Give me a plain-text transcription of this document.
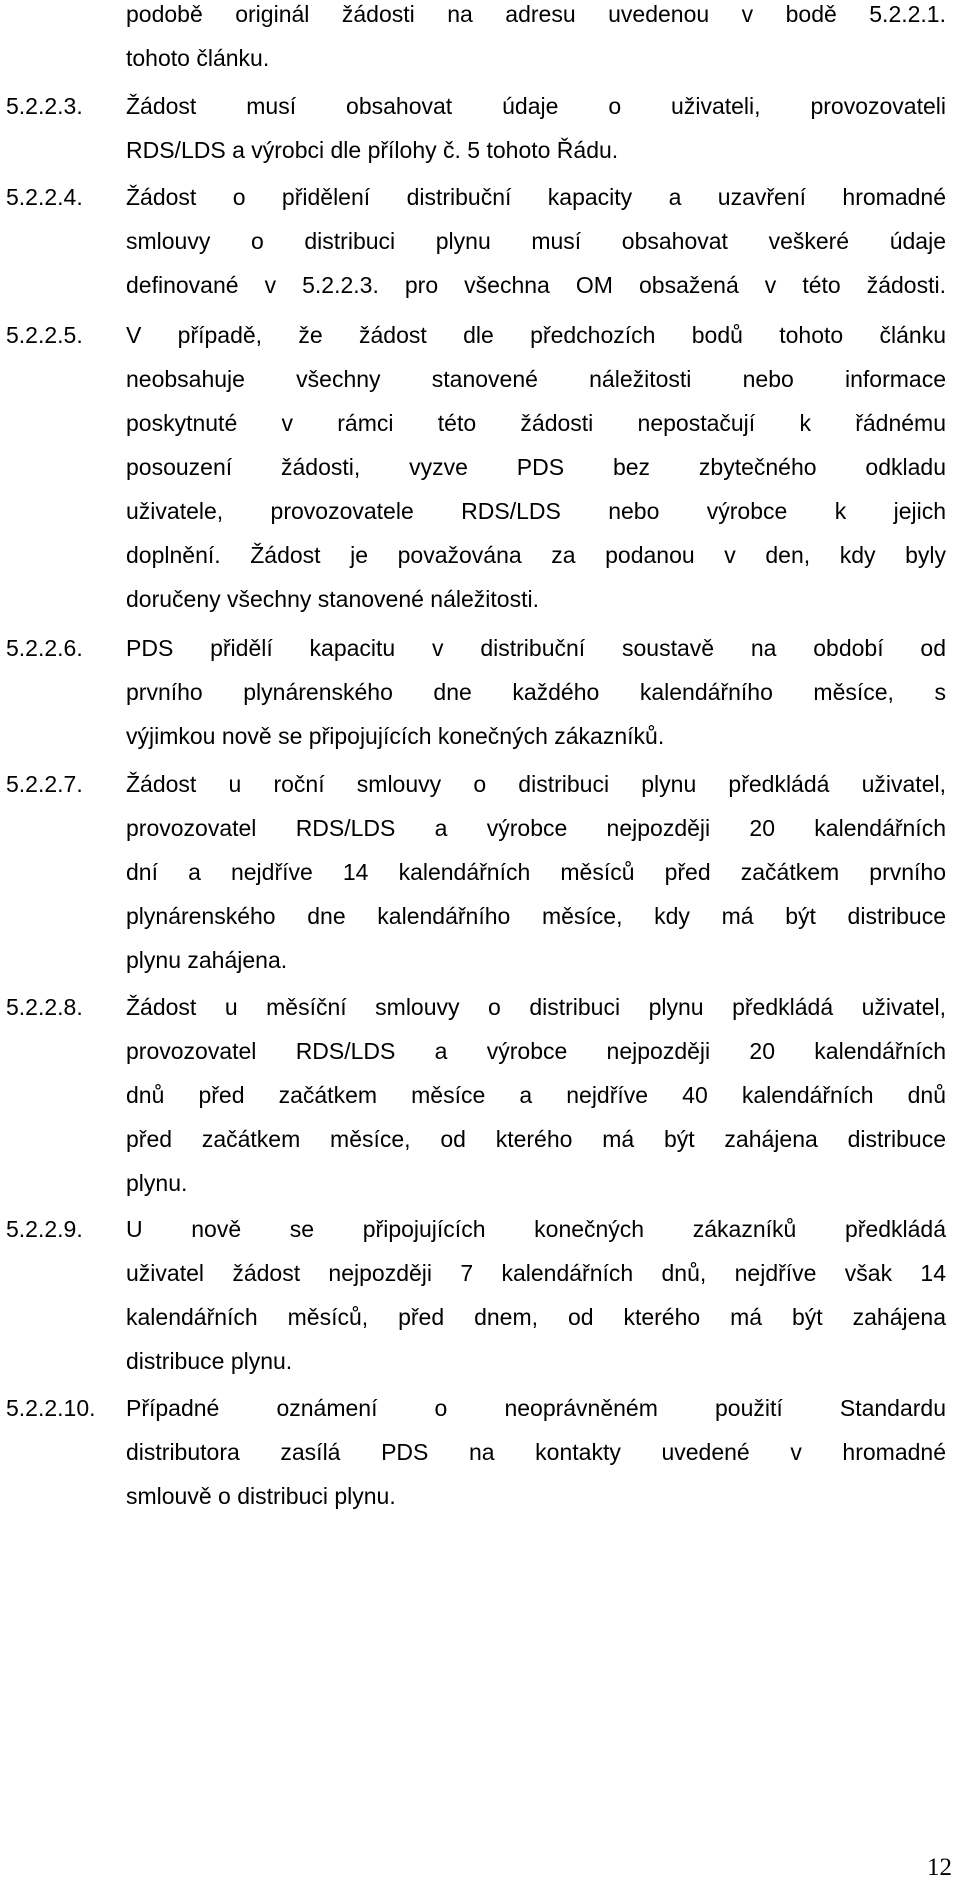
podobě originál žádosti na adresu uvedenou v bodě 5.2.2.1.
tohoto článku.
5.2.2.3. Žádost musí obsahovat údaje o uživateli, provozovateli
RDS/LDS a výrobci dle přílohy č. 5 tohoto Řádu.
5.2.2.4. Žádost o přidělení distribuční kapacity a uzavření hromadné
smlouvy o distribuci plynu musí obsahovat veškeré údaje
definované v 5.2.2.3. pro všechna OM obsažená v této žádosti.
5.2.2.5. V případě, že žádost dle předchozích bodů tohoto článku
neobsahuje všechny stanovené náležitosti nebo informace
poskytnuté v rámci této žádosti nepostačují k řádnému
posouzení žádosti, vyzve PDS bez zbytečného odkladu
uživatele, provozovatele RDS/LDS nebo výrobce k jejich
doplnění. Žádost je považována za podanou v den, kdy byly
doručeny všechny stanovené náležitosti.
5.2.2.6. PDS přidělí kapacitu v distribuční soustavě na období od
prvního plynárenského dne každého kalendářního měsíce, s
výjimkou nově se připojujících konečných zákazníků.
5.2.2.7. Žádost u roční smlouvy o distribuci plynu předkládá uživatel,
provozovatel RDS/LDS a výrobce nejpozději 20 kalendářních
dní a nejdříve 14 kalendářních měsíců před začátkem prvního
plynárenského dne kalendářního měsíce, kdy má být distribuce
plynu zahájena.
5.2.2.8. Žádost u měsíční smlouvy o distribuci plynu předkládá uživatel,
provozovatel RDS/LDS a výrobce nejpozději 20 kalendářních
dnů před začátkem měsíce a nejdříve 40 kalendářních dnů
před začátkem měsíce, od kterého má být zahájena distribuce
plynu.
5.2.2.9. U nově se připojujících konečných zákazníků předkládá
uživatel žádost nejpozději 7 kalendářních dnů, nejdříve však 14
kalendářních měsíců, před dnem, od kterého má být zahájena
distribuce plynu.
5.2.2.10. Případné oznámení o neoprávněném použití Standardu
distributora zasílá PDS na kontakty uvedené v hromadné
smlouvě o distribuci plynu.
12
